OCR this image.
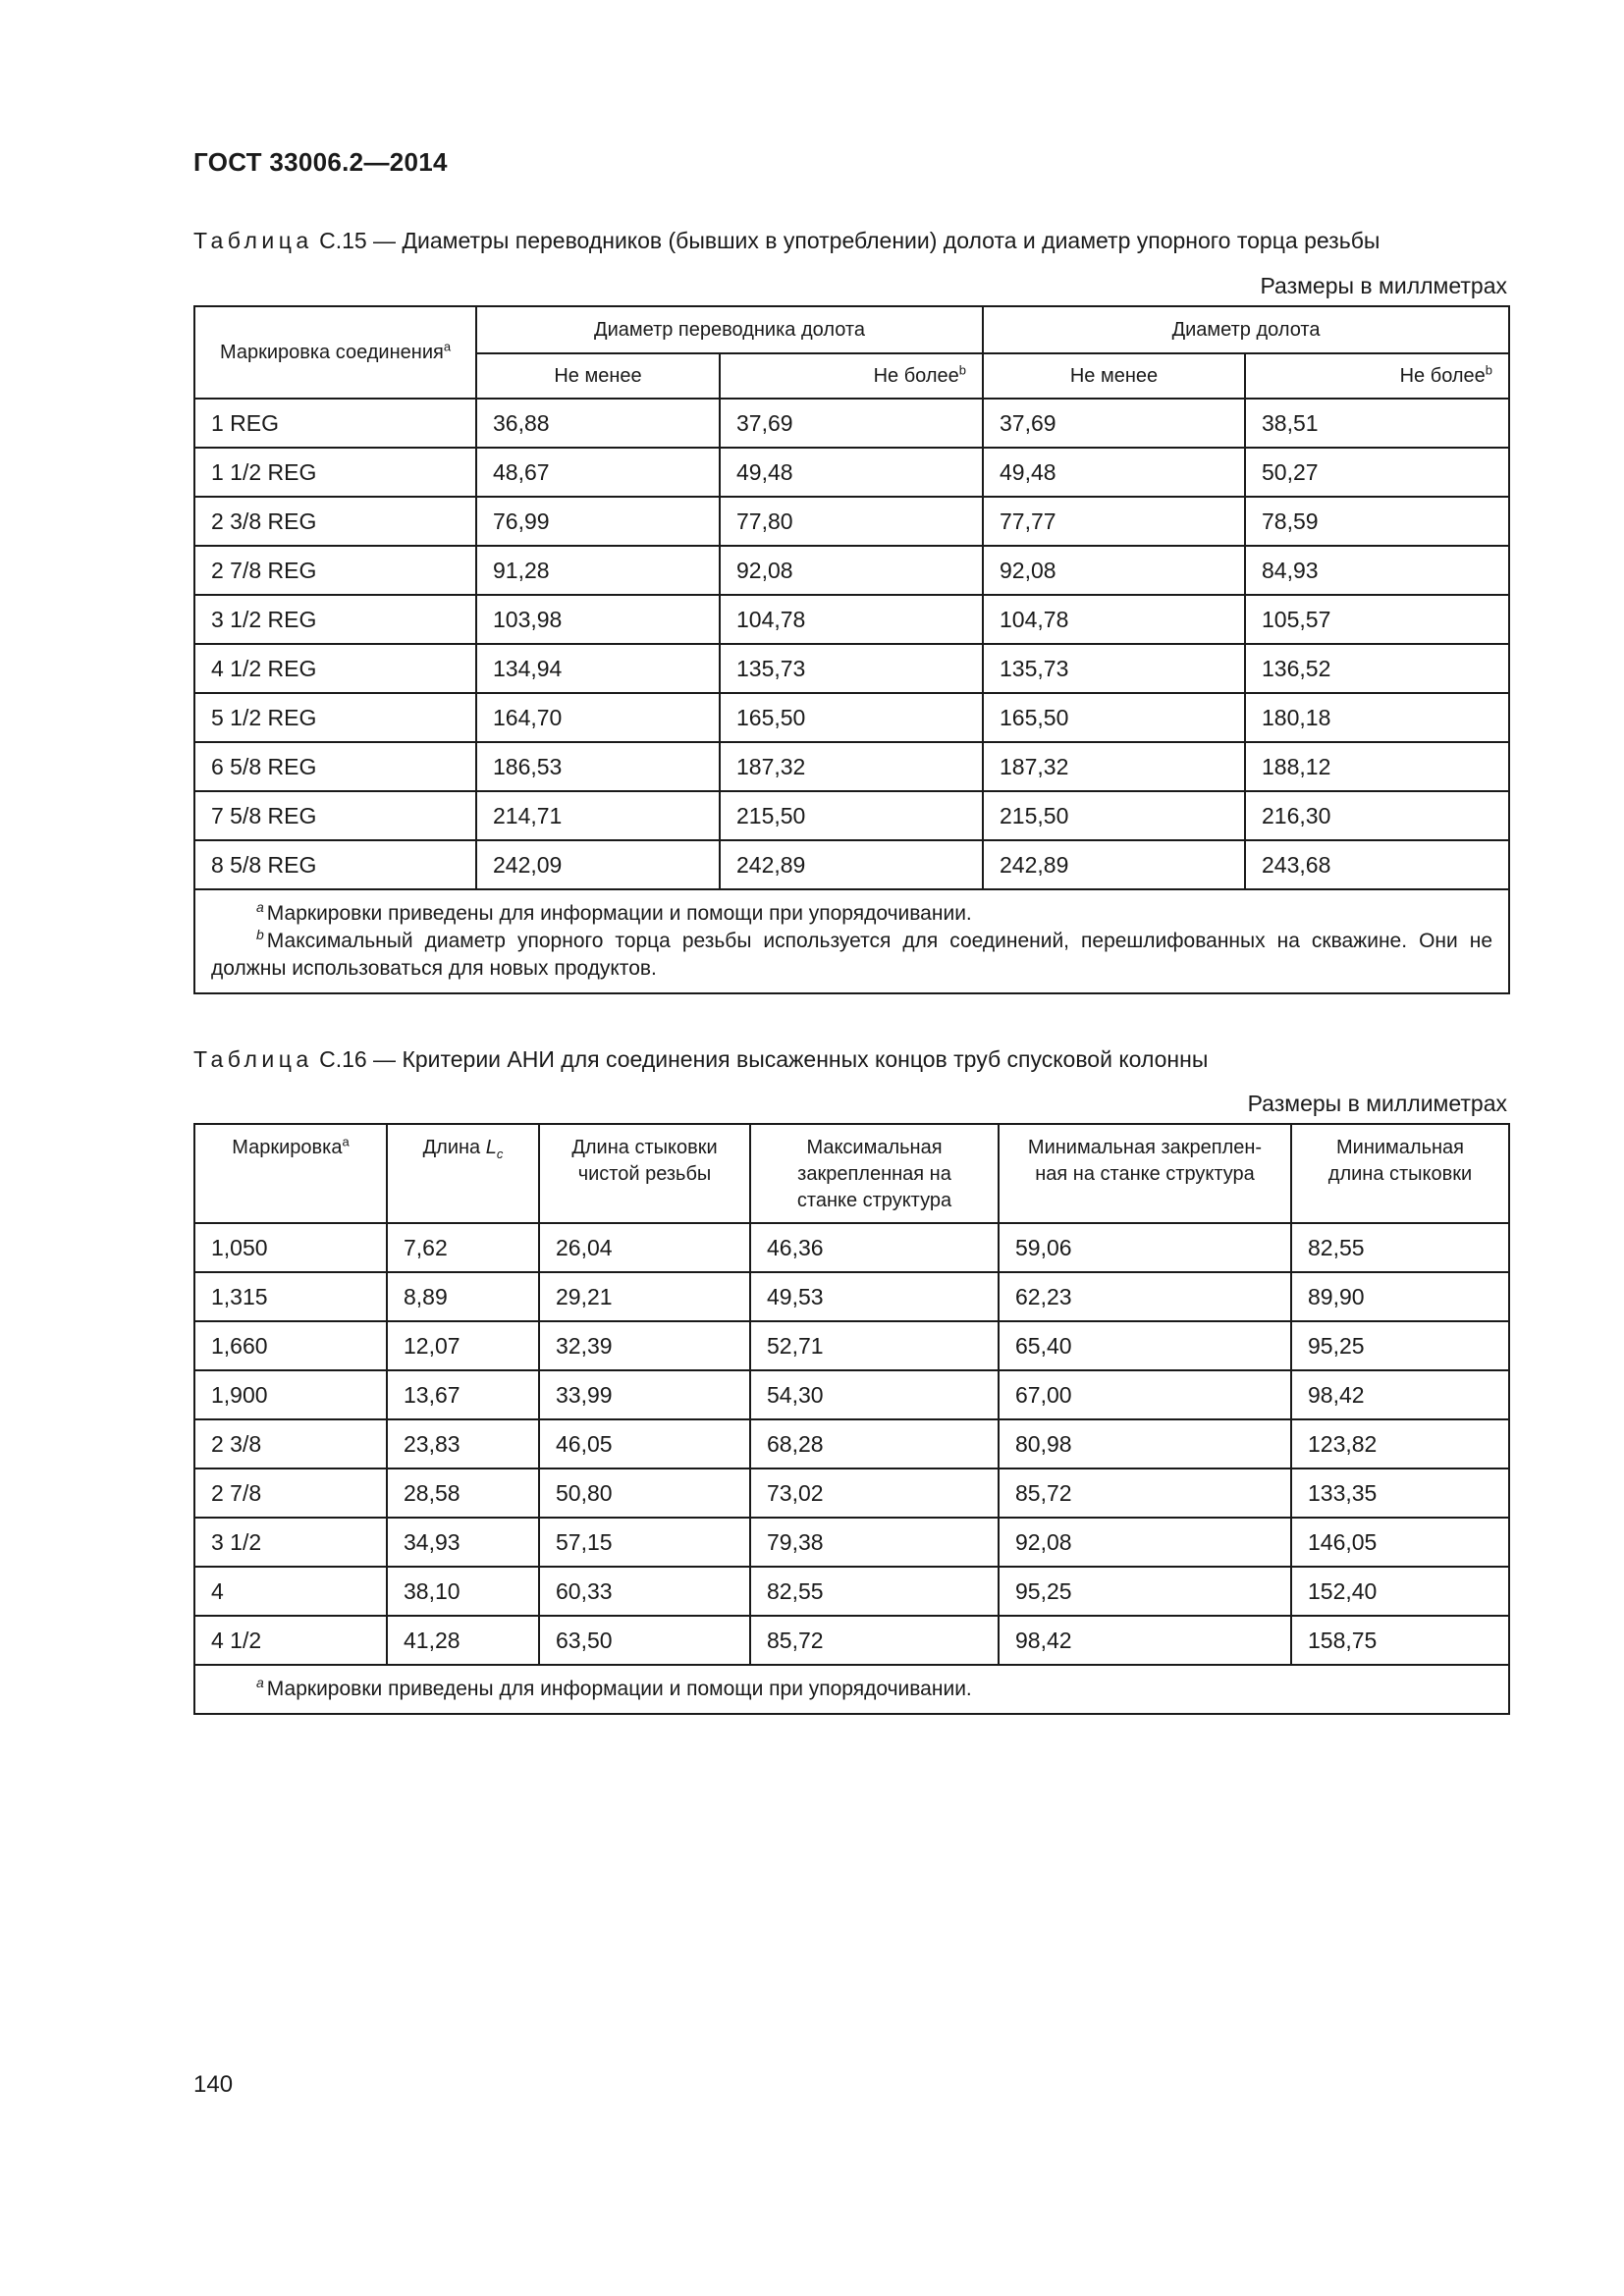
ГОСТ 33006.2—2014
Таблица С.15 — Диаметры переводников (бывших в употреблении) долота и диаметр упорного торца резьбы
Размеры в миллметрах
Маркировка соединения$^a$	Диаметр переводника долота		Диаметр долота	
	Не менее	Не более$^b$	Не менее	Не более$^b$
1 REG	36,88	37,69	37,69	38,51
1 1/2 REG	48,67	49,48	49,48	50,27
2 3/8 REG	76,99	77,80	77,77	78,59
2 7/8 REG	91,28	92,08	92,08	84,93
3 1/2 REG	103,98	104,78	104,78	105,57
4 1/2 REG	134,94	135,73	135,73	136,52
5 1/2 REG	164,70	165,50	165,50	180,18
6 5/8 REG	186,53	187,32	187,32	188,12
7 5/8 REG	214,71	215,50	215,50	216,30
8 5/8 REG	242,09	242,89	242,89	243,68

$^a$ Маркировки приведены для информации и помощи при упорядочивании.

$^b$ Максимальный диаметр упорного торца резьбы используется для соединений, перешлифованных на скважине. Они не должны использоваться для новых продуктов.				

Таблица С.16 — Критерии АНИ для соединения высаженных концов труб спусковой колонны
Размеры в миллиметрах
Маркировка$^a$	Длина $L_c$	Длина стыковки чистой резьбы	Максимальная закрепленная на станке структура	Минимальная закреплен-ная на станке структура	Минимальная длина стыковки
1,050	7,62	26,04	46,36	59,06	82,55
1,315	8,89	29,21	49,53	62,23	89,90
1,660	12,07	32,39	52,71	65,40	95,25
1,900	13,67	33,99	54,30	67,00	98,42
2 3/8	23,83	46,05	68,28	80,98	123,82
2 7/8	28,58	50,80	73,02	85,72	133,35
3 1/2	34,93	57,15	79,38	92,08	146,05
4	38,10	60,33	82,55	95,25	152,40
4 1/2	41,28	63,50	85,72	98,42	158,75

$^a$ Маркировки приведены для информации и помощи при упорядочивании.					

140
